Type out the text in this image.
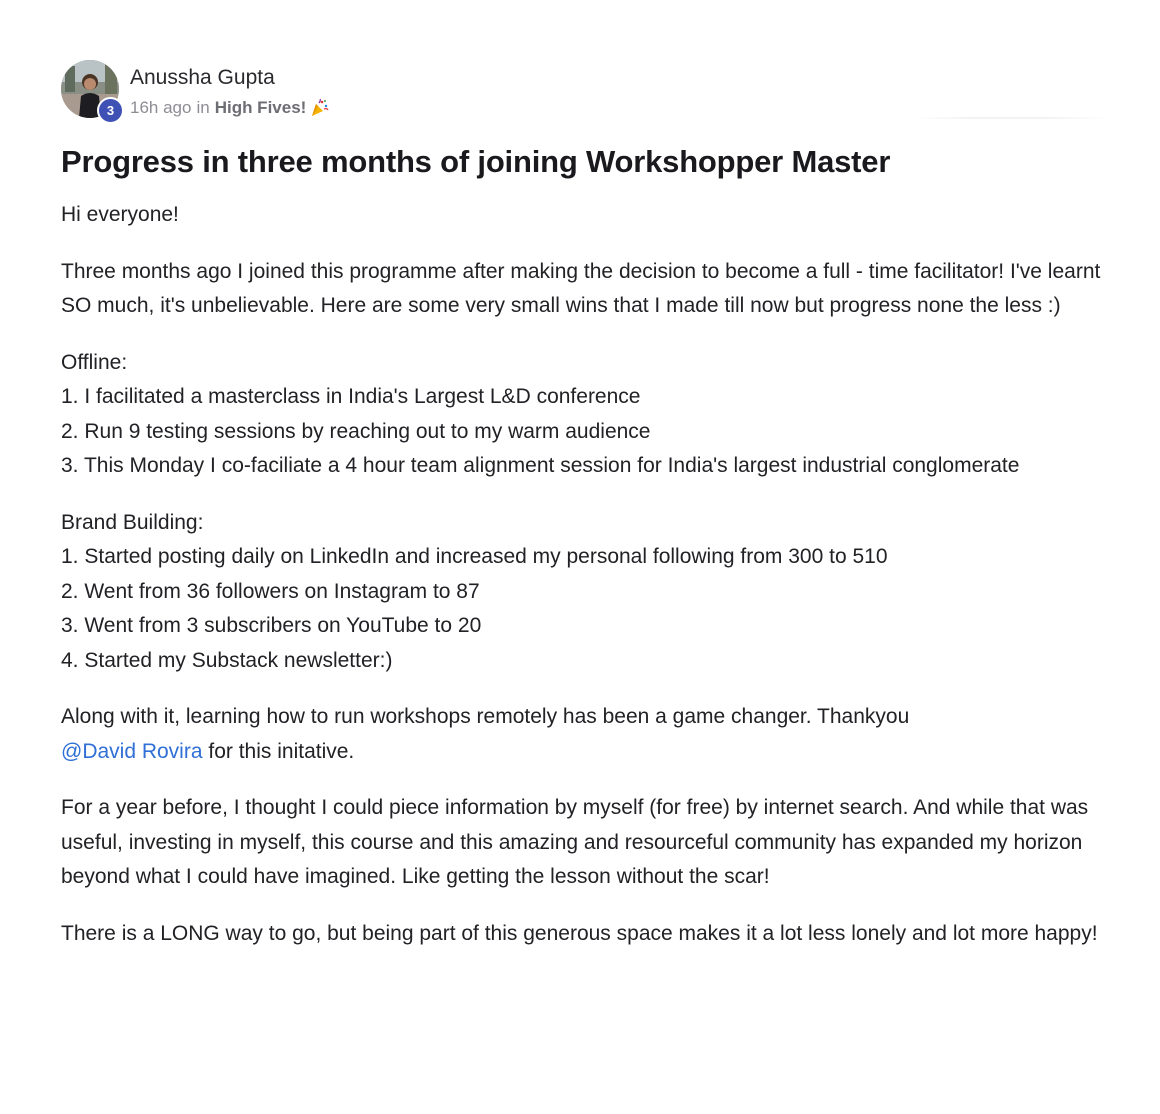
3
Anussha Gupta
16h ago in High Fives!
Progress in three months of joining Workshopper Master

Hi everyone!

Three months ago I joined this programme after making the decision to become a full - time facilitator! I've learnt SO much, it's unbelievable. Here are some very small wins that I made till now but progress none the less :)

Offline:
1. I facilitated a masterclass in India's Largest L&D conference
2. Run 9 testing sessions by reaching out to my warm audience
3. This Monday I co-faciliate a 4 hour team alignment session for India's largest industrial conglomerate

Brand Building:
1. Started posting daily on LinkedIn and increased my personal following from 300 to 510
2. Went from 36 followers on Instagram to 87
3. Went from 3 subscribers on YouTube to 20
4. Started my Substack newsletter:)

Along with it, learning how to run workshops remotely has been a game changer. Thankyou
@David Rovira for this initative.

For a year before, I thought I could piece information by myself (for free) by internet search. And while that was useful, investing in myself, this course and this amazing and resourceful community has expanded my horizon beyond what I could have imagined. Like getting the lesson without the scar!

There is a LONG way to go, but being part of this generous space makes it a lot less lonely and lot more happy!
